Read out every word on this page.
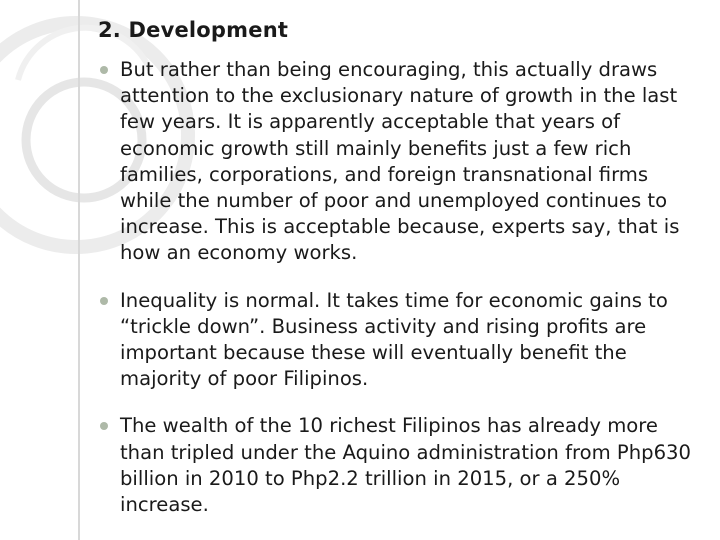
2. Development
But rather than being encouraging, this actually draws attention to the exclusionary nature of growth in the last few years. It is apparently acceptable that years of economic growth still mainly benefits just a few rich families, corporations, and foreign transnational firms while the number of poor and unemployed continues to increase. This is acceptable because, experts say, that is how an economy works.
Inequality is normal. It takes time for economic gains to “trickle down”. Business activity and rising profits are important because these will eventually benefit the majority of poor Filipinos.
The wealth of the 10 richest Filipinos has already more than tripled under the Aquino administration from Php630 billion in 2010 to Php2.2 trillion in 2015, or a 250% increase.
